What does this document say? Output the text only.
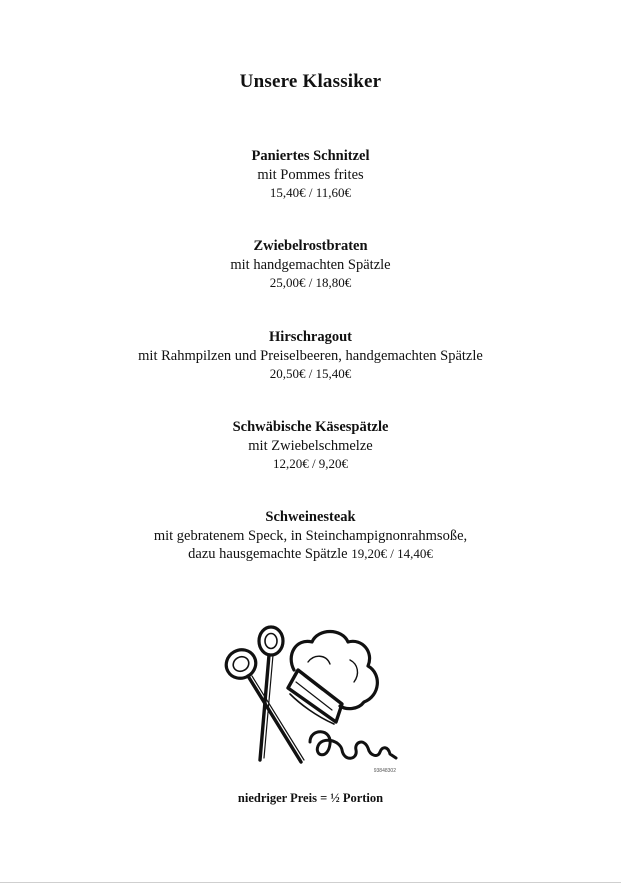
Unsere Klassiker
Paniertes Schnitzel
mit Pommes frites
15,40€ / 11,60€
Zwiebelrostbraten
mit handgemachten Spätzle
25,00€ / 18,80€
Hirschragout
mit Rahmpilzen und Preiselbeeren, handgemachten Spätzle
20,50€ / 15,40€
Schwäbische Käsespätzle
mit Zwiebelschmelze
12,20€ / 9,20€
Schweinesteak
mit gebratenem Speck, in Steinchampignonrahmsoße,
dazu hausgemachte Spätzle 19,20€ / 14,40€
93848302
niedriger Preis = ½ Portion
